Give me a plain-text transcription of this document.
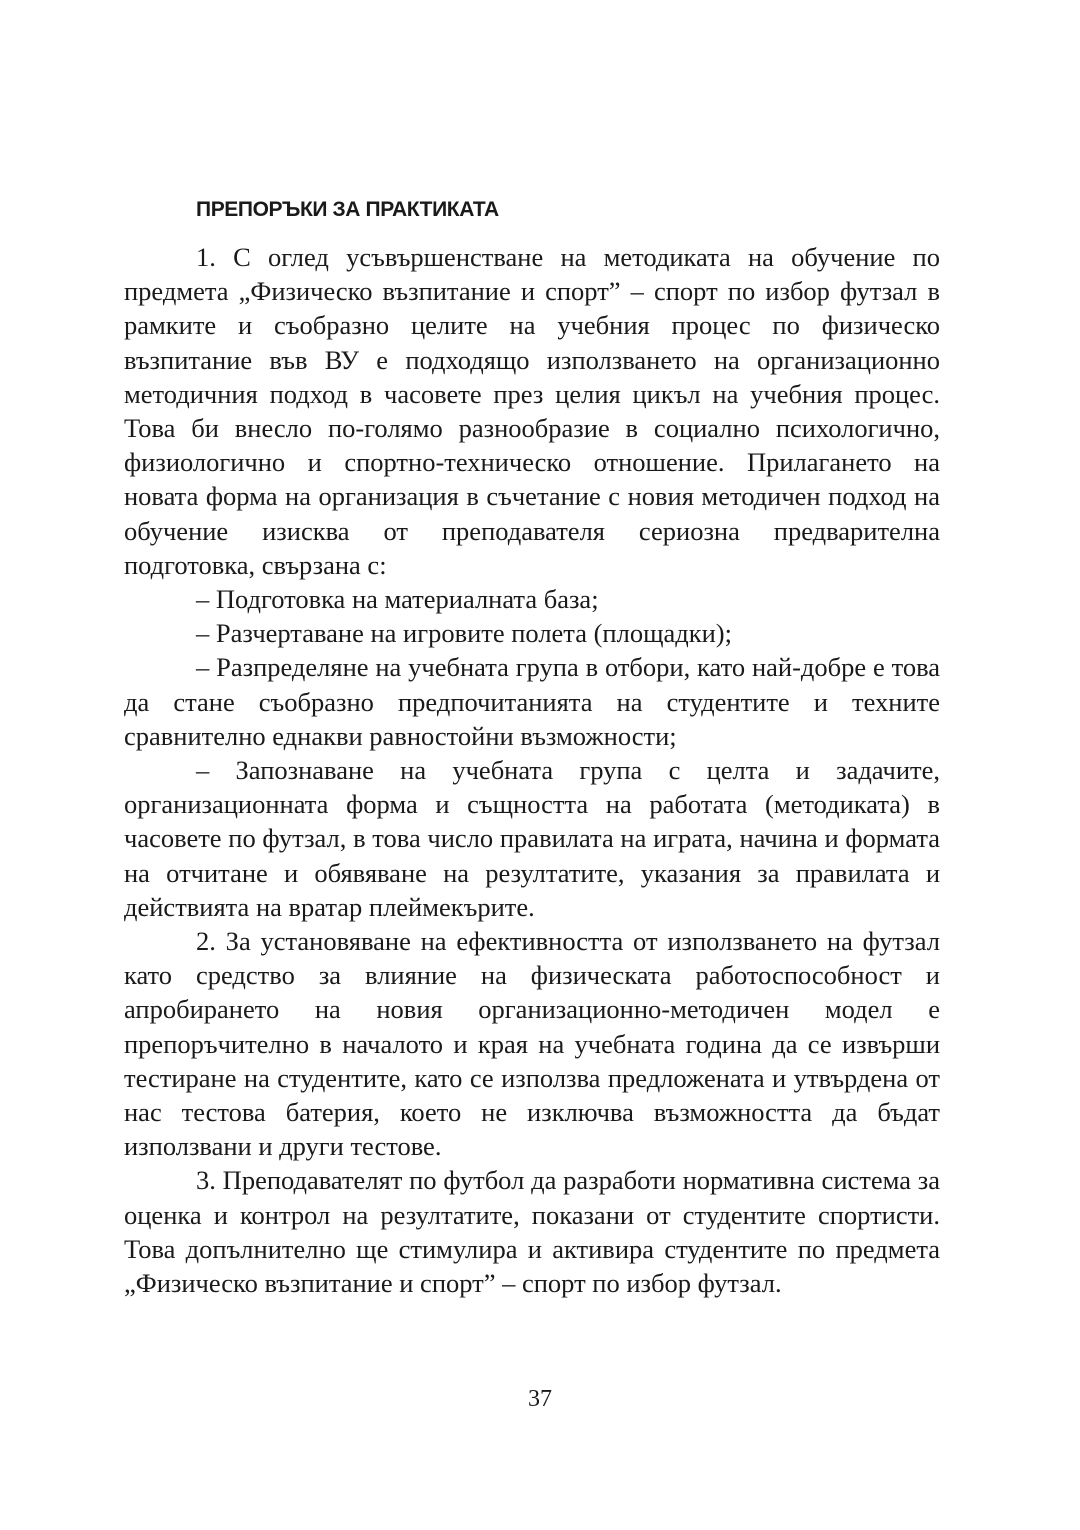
ПРЕПОРЪКИ ЗА ПРАКТИКАТА

1. С оглед усъвършенстване на методиката на обучение по предмета „Физическо възпитание и спорт” – спорт по избор футзал в рамките и съобразно целите на учебния процес по физическо възпитание във ВУ е подходящо използването на организационно методичния подход в часовете през целия цикъл на учебния процес. Това би внесло по-голямо разнообразие в социално психологично, физиологично и спортно-техническо отношение. Прилагането на новата форма на организация в съчетание с новия методичен подход на обучение изисква от преподавателя сериозна предварителна подготовка, свързана с:

– Подготовка на материалната база;

– Разчертаване на игровите полета (площадки);

– Разпределяне на учебната група в отбори, като най-добре е това да стане съобразно предпочитанията на студентите и техните сравнително еднакви равностойни възможности;

– Запознаване на учебната група с целта и задачите, организационната форма и същността на работата (методиката) в часовете по футзал, в това число правилата на играта, начина и формата на отчитане и обявяване на резултатите, указания за правилата и действията на вратар плеймекърите.

2. За установяване на ефективността от използването на футзал като средство за влияние на физическата работоспособност и апробирането на новия организационно-методичен модел е препоръчително в началото и края на учебната година да се извърши тестиране на студентите, като се използва предложената и утвърдена от нас тестова батерия, което не изключва възможността да бъдат използвани и други тестове.

3. Преподавателят по футбол да разработи нормативна система за оценка и контрол на резултатите, показани от студентите спортисти. Това допълнително ще стимулира и активира студентите по предмета „Физическо възпитание и спорт” – спорт по избор футзал.

37
